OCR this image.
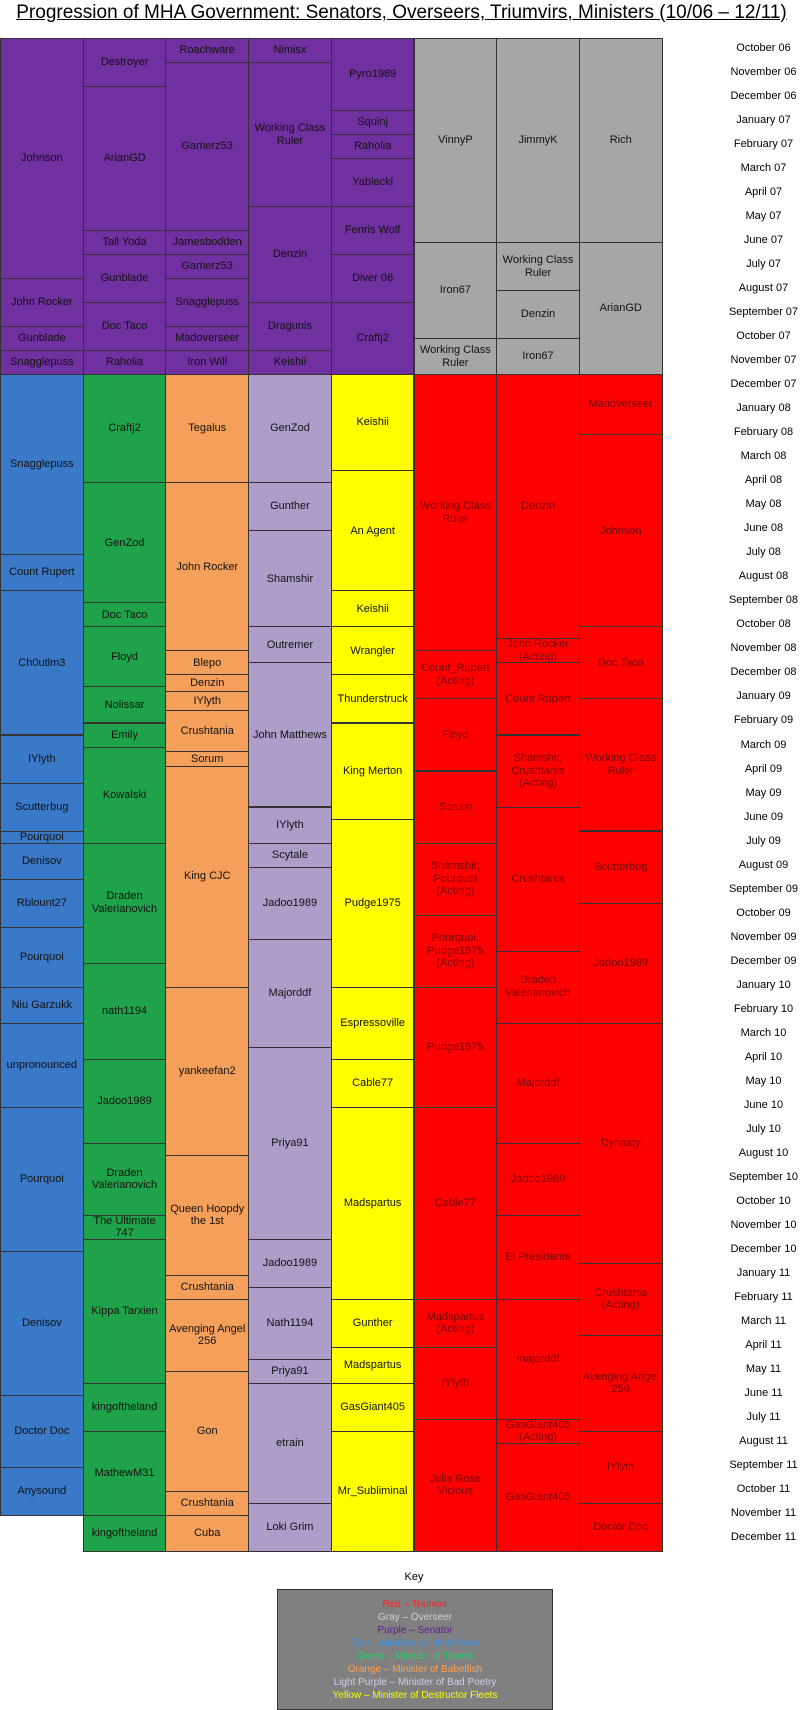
Progression of MHA Government: Senators, Overseers, Triumvirs, Ministers (10/06 – 12/11)
Johnson
John Rocker
Gunblade
Snagglepuss
Snagglepuss
Count Rupert
Ch0utlm3
IYlyth
Scutterbug
Pourquoi
Denisov
Rblount27
Pourquoi
Niu Garzukk
unpronounced
Pourquoi
Denisov
Doctor Doc
Anysound
Destroyer
ArianGD
Tall Yoda
Gunblade
Doc Taco
Raholia
Craftj2
GenZod
Doc Taco
Floyd
Nolissar
Emily
Kowalski
Draden Valerianovich
nath1194
Jadoo1989
Draden Valerianovich
The Ultimate 747
Kippa Tarxien
kingoftheland
MathewM31
kingoftheland
Roachware
Gamerz53
Jamesbodden
Gamerz53
Snagglepuss
Madoverseer
Iron Will
Tegalus
John Rocker
Blepo
Denzin
IYlyth
Crushtania
Sorum
King CJC
yankeefan2
Queen Hoopdy the 1st
Crushtania
Avenging Angel 256
Gon
Crushtania
Cuba
Nimisx
Working Class Ruler
Denzin
Dragunis
Keishii
GenZod
Gunther
Shamshir
Outremer
John Matthews
IYlyth
Scytale
Jadoo1989
Majorddf
Priya91
Jadoo1989
Nath1194
Priya91
etrain
Loki Grim
Pyro1989
Squinj
Raholia
Yablecki
Fenris Wolf
Diver 06
Craftj2
Keishii
An Agent
Keishii
Wrangler
Thunderstruck
King Merton
Pudge1975
Espressoville
Cable77
Madspartus
Gunther
Madspartus
GasGiant405
Mr_Subliminal
VinnyP
Iron67
Working Class Ruler
Working Class Ruler
Count_Rupert (Acting)
Floyd
Sorum
Shamshir, Pourquoi (Acting)
Pourquoi, Pudge1975 (Acting)
Pudge1975
Cable77
Madspartus (Acting)
IYlyth
Julia Rose Vicious
JimmyK
Working Class Ruler
Denzin
Iron67
Denzin
John Rocker (Acting)
Count Rupert
Shamshir, Crushtania (Acting)
Crushtania
Draden Valerianovich
Majorddf
Jadoo1989
El Presidente
majorddf
GasGiant405 (Acting)
GasGiant405
Rich
ArianGD
Madoverseer
Johnson
Doc Taco
Working Class Ruler
Scutterbug
Jadoo1989
Dynasty
Crushtania (Acting)
Avenging Angel 256
IYlyth
Doctor Doc
October 06
November 06
December 06
January 07
February 07
March 07
April 07
May 07
June 07
July 07
August 07
September 07
October 07
November 07
December 07
January 08
February 08
March 08
April 08
May 08
June 08
July 08
August 08
September 08
October 08
November 08
December 08
January 09
February 09
March 09
April 09
May 09
June 09
July 09
August 09
September 09
October 09
November 09
December 09
January 10
February 10
March 10
April 10
May 10
June 10
July 10
August 10
September 10
October 10
November 10
December 10
January 11
February 11
March 11
April 11
May 11
June 11
July 11
August 11
September 11
October 11
November 11
December 11
Key
Red – Triumvir
Gray – Overseer
Purple – Senator
Blue – Minister of Hitchhikers
Green – Minister of Towels
Orange – Minister of Babelfish
Light Purple – Minister of Bad Poetry
Yellow – Minister of Destructor Fleets
